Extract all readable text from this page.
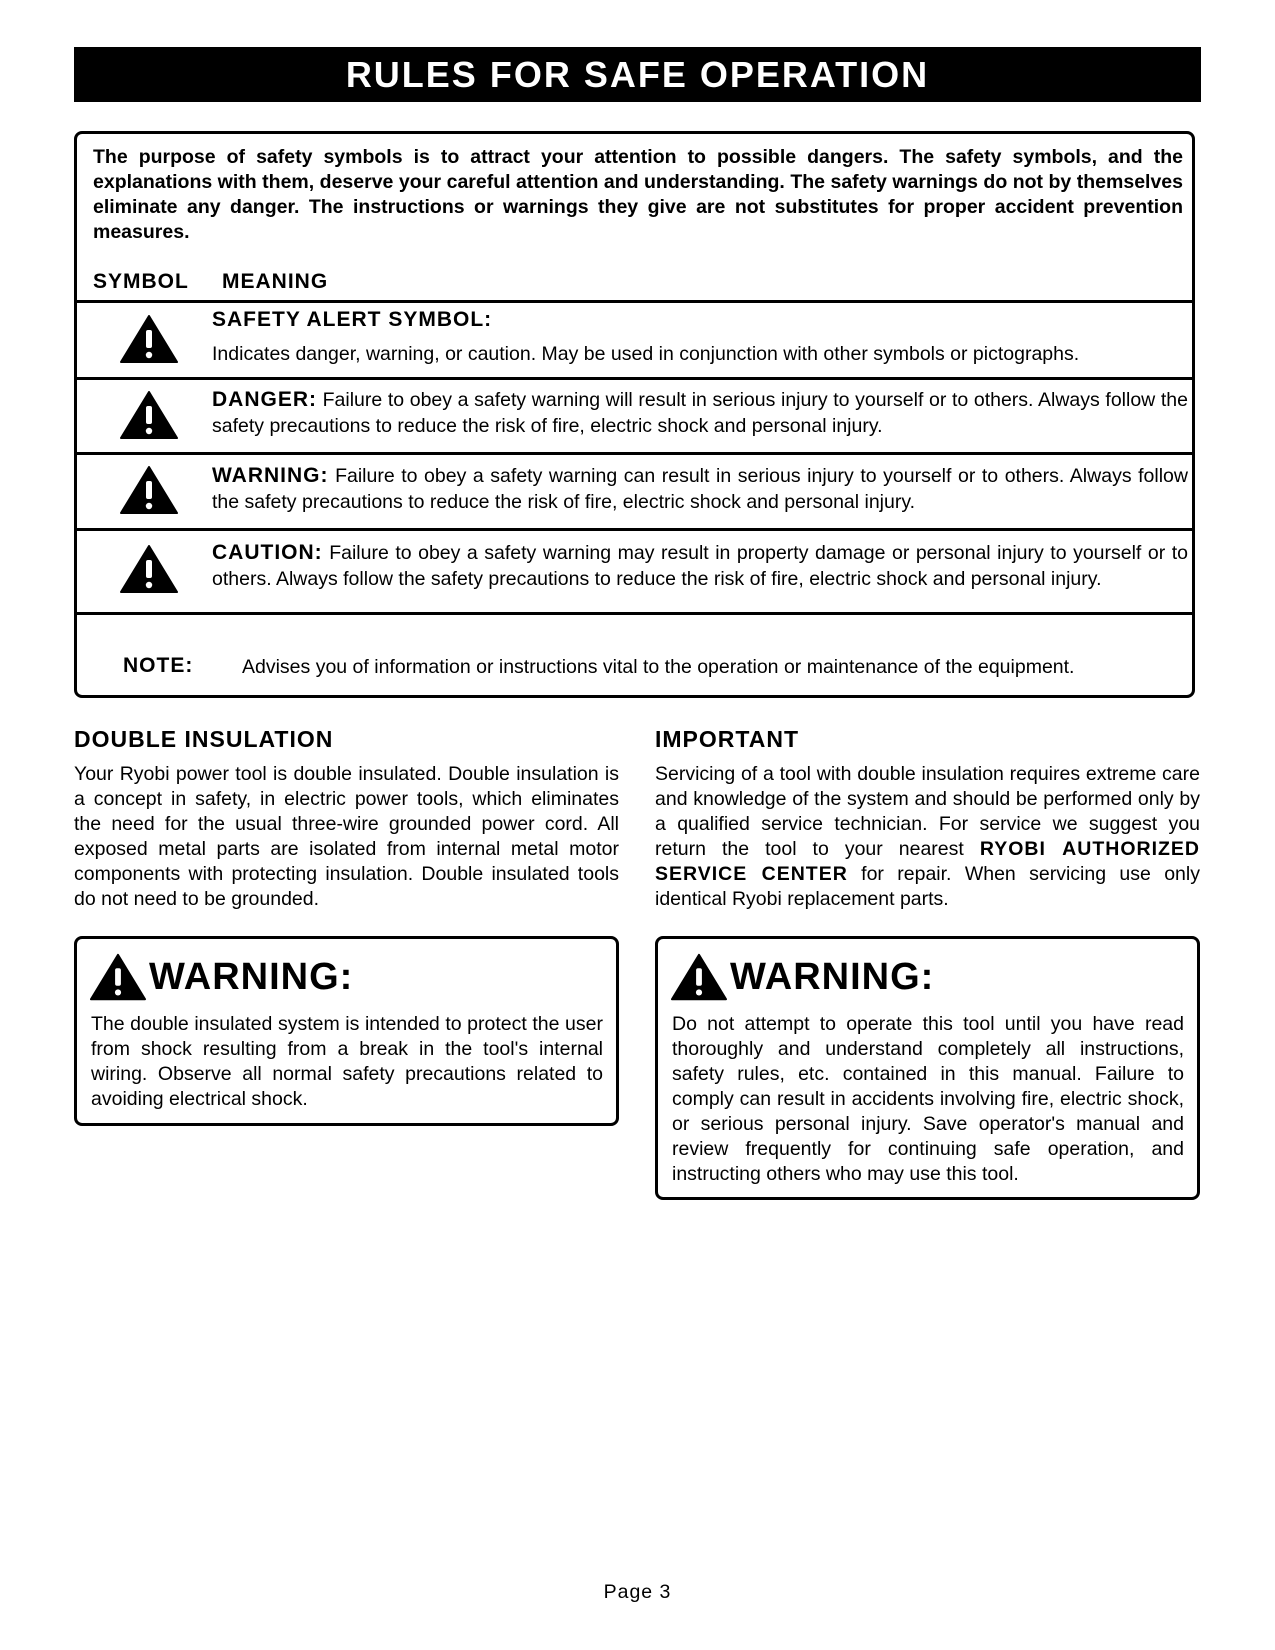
RULES FOR SAFE OPERATION
The purpose of safety symbols is to attract your attention to possible dangers. The safety symbols, and the explanations with them, deserve your careful attention and understanding. The safety warnings do not by themselves eliminate any danger. The instructions or warnings they give are not substitutes for proper accident prevention measures.
SYMBOL MEANING
SAFETY ALERT SYMBOL:
Indicates danger, warning, or caution. May be used in conjunction with other symbols or pictographs.
DANGER: Failure to obey a safety warning will result in serious injury to yourself or to others. Always follow the safety precautions to reduce the risk of fire, electric shock and personal injury.
WARNING: Failure to obey a safety warning can result in serious injury to yourself or to others. Always follow the safety precautions to reduce the risk of fire, electric shock and personal injury.
CAUTION: Failure to obey a safety warning may result in property damage or personal injury to yourself or to others. Always follow the safety precautions to reduce the risk of fire, electric shock and personal injury.
NOTE: Advises you of information or instructions vital to the operation or maintenance of the equipment.
DOUBLE INSULATION
Your Ryobi power tool is double insulated. Double insulation is a concept in safety, in electric power tools, which eliminates the need for the usual three-wire grounded power cord. All exposed metal parts are isolated from internal metal motor components with protecting insulation. Double insulated tools do not need to be grounded.
WARNING:
The double insulated system is intended to protect the user from shock resulting from a break in the tool's internal wiring. Observe all normal safety precautions related to avoiding electrical shock.
IMPORTANT
Servicing of a tool with double insulation requires extreme care and knowledge of the system and should be performed only by a qualified service technician. For service we suggest you return the tool to your nearest RYOBI AUTHORIZED SERVICE CENTER for repair. When servicing use only identical Ryobi replacement parts.
WARNING:
Do not attempt to operate this tool until you have read thoroughly and understand completely all instructions, safety rules, etc. contained in this manual. Failure to comply can result in accidents involving fire, electric shock, or serious personal injury. Save operator's manual and review frequently for continuing safe operation, and instructing others who may use this tool.
Page 3
